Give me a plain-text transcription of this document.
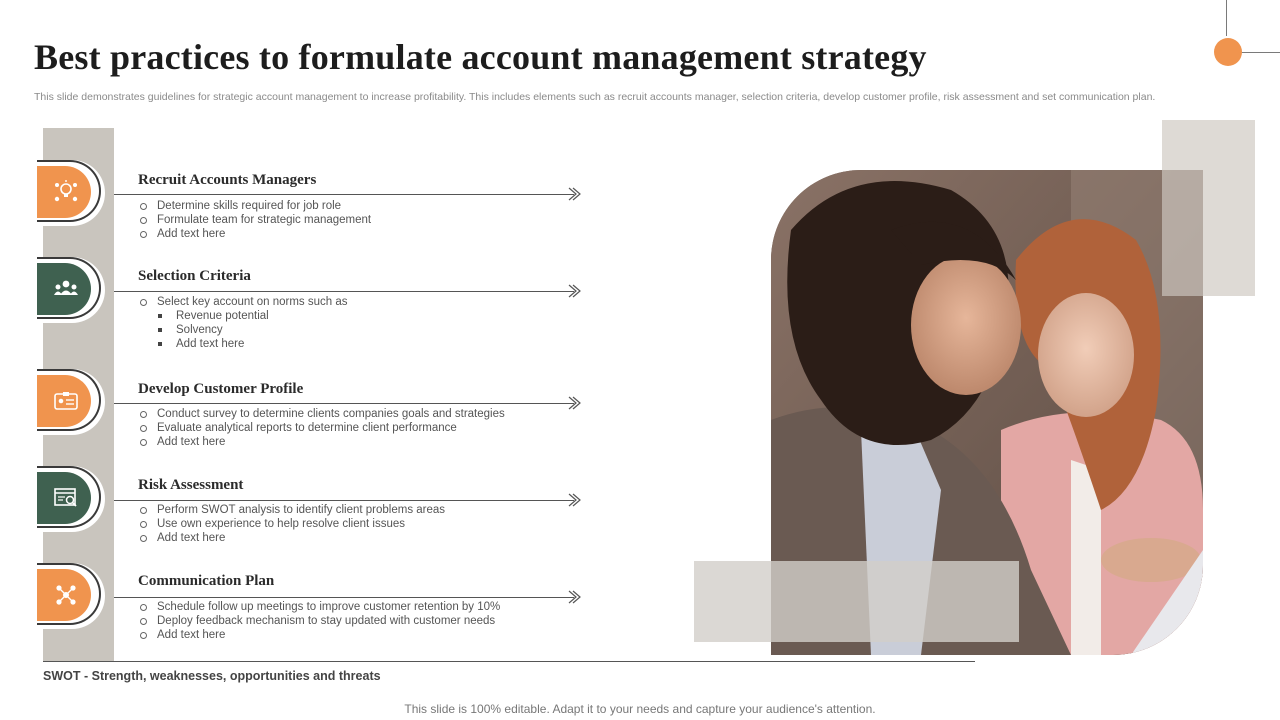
Best practices to formulate account management strategy

This slide demonstrates guidelines for strategic account management to increase profitability. This includes elements such as recruit accounts manager, selection criteria, develop customer profile, risk assessment and set communication plan.

Recruit Accounts Managers
Determine skills required for job role
Formulate team for strategic management
Add text here
Selection Criteria
Select key account on norms such as
Revenue potential
Solvency
Add text here
Develop Customer Profile
Conduct survey to determine clients companies goals and strategies
Evaluate analytical reports to determine client performance
Add text here
Risk Assessment
Perform SWOT analysis to identify client problems areas
Use own experience to help resolve client issues
Add text here
Communication Plan
Schedule follow up meetings to improve customer retention by 10%
Deploy feedback mechanism to stay updated with customer needs
Add text here
SWOT - Strength, weaknesses, opportunities and threats
This slide is 100% editable. Adapt it to your needs and capture your audience's attention.
